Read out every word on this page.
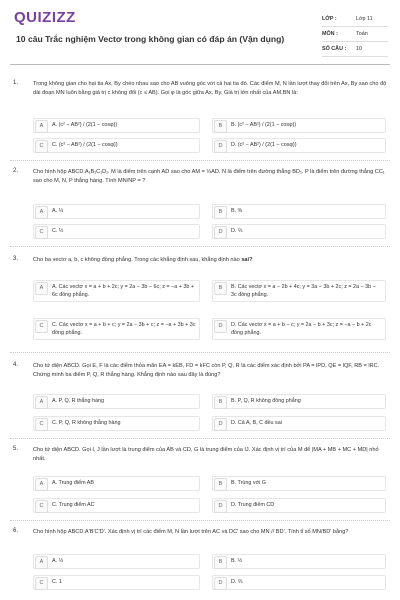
QUIZIZZ
10 câu Trắc nghiệm Vectơ trong không gian có đáp án (Vận dụng)
LỚP :	Lớp 11
MÔN :	Toán
SỐ CÂU :	10
1.	Trong không gian cho hai tia Ax, By chéo nhau sao cho AB vuông góc với cả hai tia đó. Các điểm M, N lần lượt thay đổi trên Ax, By sao cho độ dài đoạn MN luôn bằng giá trị c không đổi (c ≤ AB). Gọi φ là góc giữa Ax, By. Giá trị lớn nhất của AM.BN là:
A	A. (c² − AB²) / (2(1 − cosφ))	B	B. (c² − AB²) / (2(1 − cosφ))
C	C. (c² − AB²) / (2(1 − cosφ))	D	D. (c² − AB²) / (2(1 − cosφ))
2.	Cho hình hộp ABCD.A₁B₁C₁D₁. M là điểm trên cạnh AD sao cho AM = ⅓AD. N là điểm trên đường thẳng BD₁. P là điểm trên đường thẳng CC₁ sao cho M, N, P thẳng hàng. Tính MN/NP = ?
A	A. ⅓	B	B. ⅜
C	C. ½	D	D. ⅔
3.	Cho ba vectơ a, b, c không đồng phẳng. Trong các khẳng định sau, khẳng định nào sai?
A	A. Các vectơ x = a + b + 2c; y = 2a − 3b − 6c; z = −a + 3b + 6c đồng phẳng.
B	B. Các vectơ x = a − 2b + 4c; y = 3a − 3b + 2c; z = 2a − 3b − 3c đồng phẳng.
C	C. Các vectơ x = a + b + c; y = 2a − 3b + c; z = −a + 3b + 3c đồng phẳng.
D	D. Các vectơ x = a + b − c; y = 2a − b + 3c; z = −a − b + 2c đồng phẳng.
4.	Cho tứ diện ABCD. Gọi E, F là các điểm thỏa mãn EA = kEB, FD = kFC còn P, Q, R là các điểm xác định bởi PA = lPD, QE = lQF, RB = lRC. Chứng minh ba điểm P, Q, R thẳng hàng. Khẳng định nào sau đây là đúng?
A	A. P, Q, R thẳng hàng	B	B. P, Q, R không đồng phẳng
C	C. P, Q, R không thẳng hàng	D	D. Cả A, B, C đều sai
5.	Cho tứ diện ABCD. Gọi I, J lần lượt là trung điểm của AB và CD, G là trung điểm của IJ. Xác định vị trí của M để |MA + MB + MC + MD| nhỏ nhất.
A	A. Trung điểm AB	B	B. Trùng với G
C	C. Trung điểm AC	D	D. Trung điểm CD
6.	Cho hình hộp ABCD.A'B'C'D'. Xác định vị trí các điểm M, N lần lượt trên AC và DC' sao cho MN // BD'. Tính tỉ số MN/BD' bằng?
A	A. ⅓	B	B. ½
C	C. 1	D	D. ⅔
